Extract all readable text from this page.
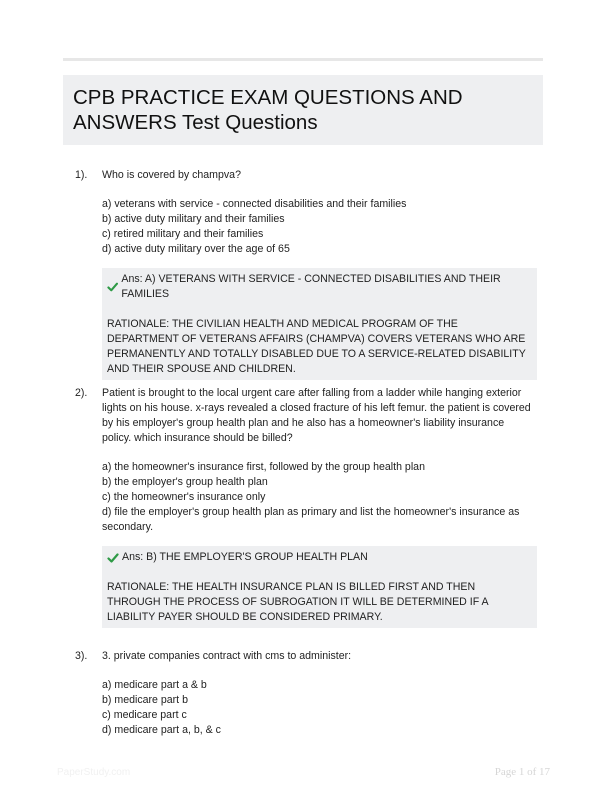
CPB PRACTICE EXAM QUESTIONS AND ANSWERS Test Questions
1). Who is covered by champva?

a) veterans with service - connected disabilities and their families
b) active duty military and their families
c) retired military and their families
d) active duty military over the age of 65
Ans: A) VETERANS WITH SERVICE - CONNECTED DISABILITIES AND THEIR FAMILIES

RATIONALE: THE CIVILIAN HEALTH AND MEDICAL PROGRAM OF THE DEPARTMENT OF VETERANS AFFAIRS (CHAMPVA) COVERS VETERANS WHO ARE PERMANENTLY AND TOTALLY DISABLED DUE TO A SERVICE-RELATED DISABILITY AND THEIR SPOUSE AND CHILDREN.

2). Patient is brought to the local urgent care after falling from a ladder while hanging exterior lights on his house. x-rays revealed a closed fracture of his left femur. the patient is covered by his employer's group health plan and he also has a homeowner's liability insurance policy. which insurance should be billed?

a) the homeowner's insurance first, followed by the group health plan
b) the employer's group health plan
c) the homeowner's insurance only
d) file the employer's group health plan as primary and list the homeowner's insurance as secondary.
Ans: B) THE EMPLOYER'S GROUP HEALTH PLAN

RATIONALE: THE HEALTH INSURANCE PLAN IS BILLED FIRST AND THEN THROUGH THE PROCESS OF SUBROGATION IT WILL BE DETERMINED IF A LIABILITY PAYER SHOULD BE CONSIDERED PRIMARY.

3). 3. private companies contract with cms to administer:

a) medicare part a & b
b) medicare part b
c) medicare part c
d) medicare part a, b, & c
PaperStudy.com	Page 1 of 17
